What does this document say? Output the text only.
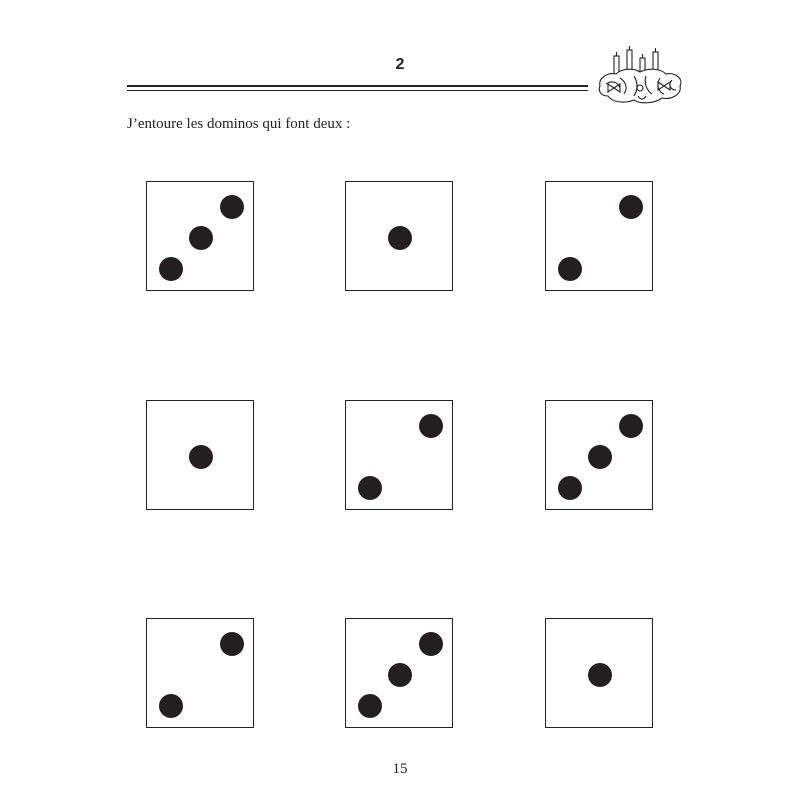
2
J’entoure les dominos qui font deux :
15
